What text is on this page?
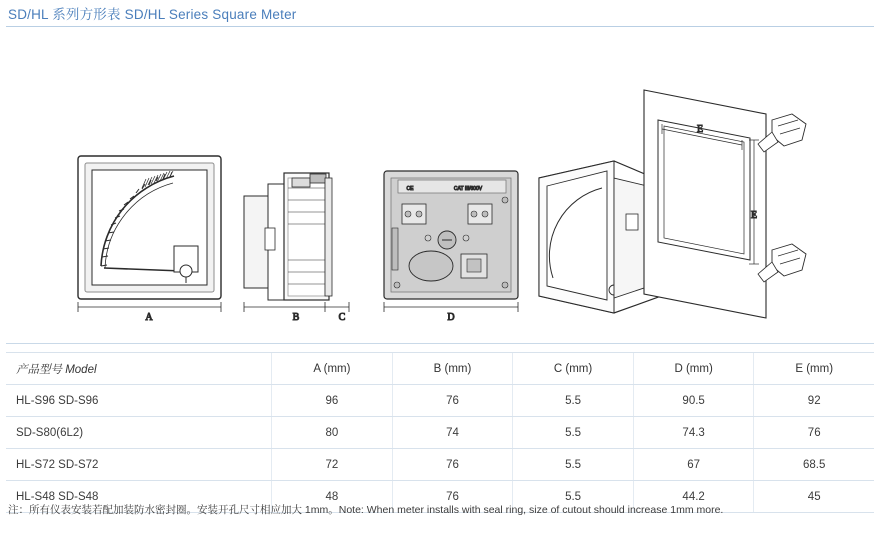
SD/HL 系列方形表 SD/HL Series Square Meter
A	B	C
CE	CAT III/600V
D
E
E
产品型号 Model	A (mm)	B (mm)	C (mm)	D (mm)	E (mm)
HL-S96 SD-S96	96	76	5.5	90.5	92
SD-S80(6L2)	80	74	5.5	74.3	76
HL-S72 SD-S72	72	76	5.5	67	68.5
HL-S48 SD-S48	48	76	5.5	44.2	45
注：所有仪表安装若配加装防水密封圈。安装开孔尺寸相应加大 1mm。Note: When meter installs with seal ring, size of cutout should increase 1mm more.
